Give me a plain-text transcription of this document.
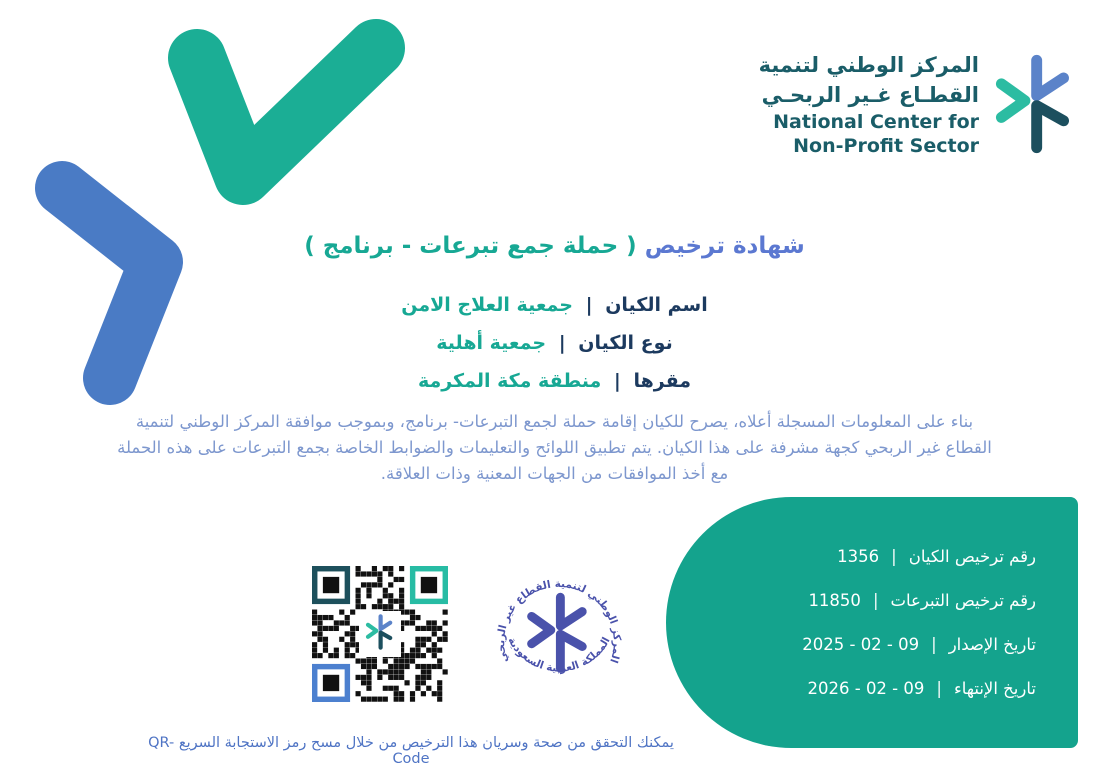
المركز الوطني لتنمية
القطـاع غـير الربحـي
National Center for
Non-Profit Sector
شهادة ترخيص ( حملة جمع تبرعات - برنامج )
اسم الكيان | جمعية العلاج الامن
نوع الكيان | جمعية أهلية
مقرها | منطقة مكة المكرمة
بناء على المعلومات المسجلة أعلاه، يصرح للكيان إقامة حملة لجمع التبرعات- برنامج، وبموجب موافقة المركز الوطني لتنمية
القطاع غير الربحي كجهة مشرفة على هذا الكيان. يتم تطبيق اللوائح والتعليمات والضوابط الخاصة بجمع التبرعات على هذه الحملة
مع أخذ الموافقات من الجهات المعنية وذات العلاقة.
رقم ترخيص الكيان|1356
رقم ترخيص التبرعات|11850
تاريخ الإصدار|09 - 02 - 2025
تاريخ الإنتهاء|09 - 02 - 2026
المركز الوطني لتنمية القطاع غير الربحي
المملكة العربية السعودية
يمكنك التحقق من صحة وسريان هذا الترخيص من خلال مسح رمز الاستجابة السريع QR-Code
